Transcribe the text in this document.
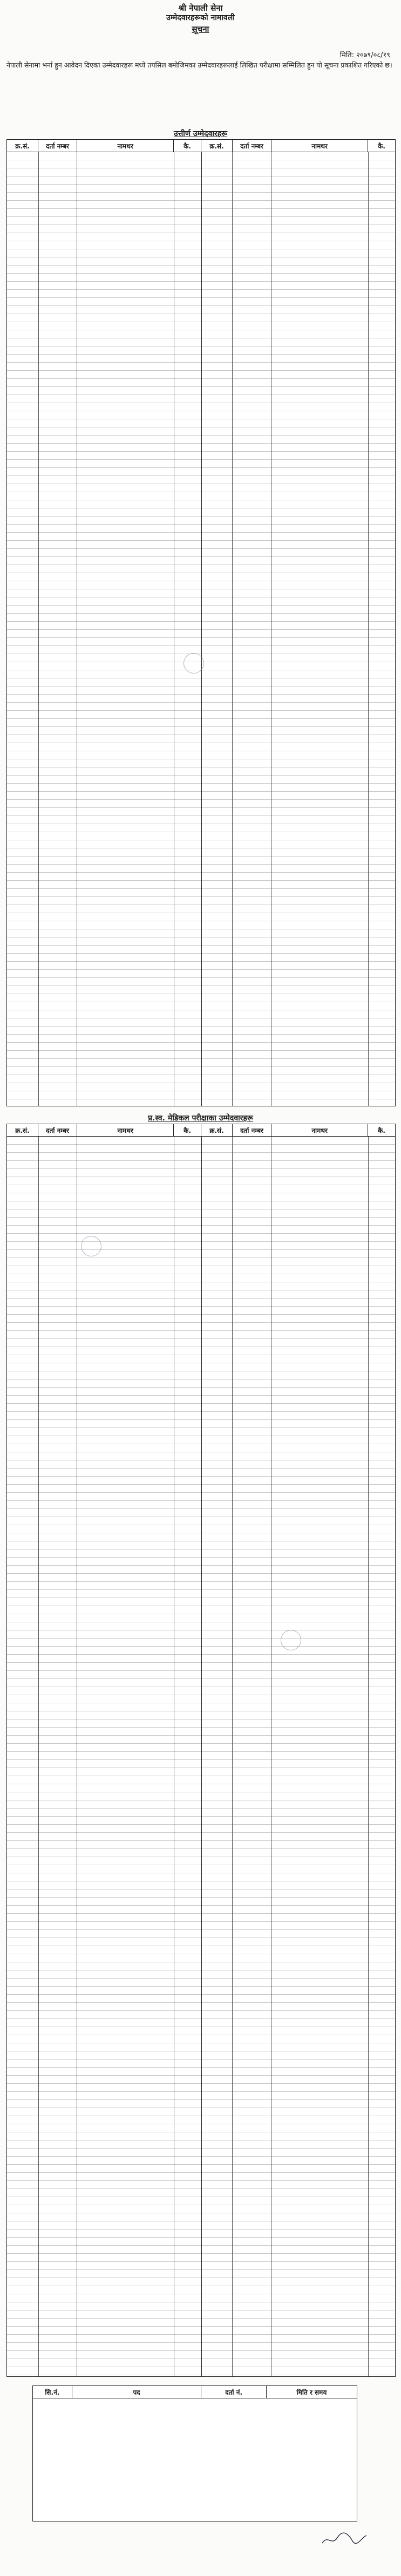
श्री नेपाली सेना
उम्मेदवारहरूको नामावली
सूचना
मिति: २०७९/०८/१९
नेपाली सेनामा भर्ना हुन आवेदन दिएका उम्मेदवारहरू मध्ये तपसिल बमोजिमका उम्मेदवारहरूलाई लिखित परीक्षामा सम्मिलित हुन यो सूचना प्रकाशित गरिएको छ।
उत्तीर्ण उम्मेदवारहरू
क्र.सं.	दर्ता नम्बर	नामथर	कै.	क्र.सं.	दर्ता नम्बर	नामथर	कै.
प्र.स्व. मेडिकल परीक्षाका उम्मेदवारहरू
क्र.सं.	दर्ता नम्बर	नामथर	कै.	क्र.सं.	दर्ता नम्बर	नामथर	कै.
सि.नं.	पद	दर्ता नं.	मिति र समय
